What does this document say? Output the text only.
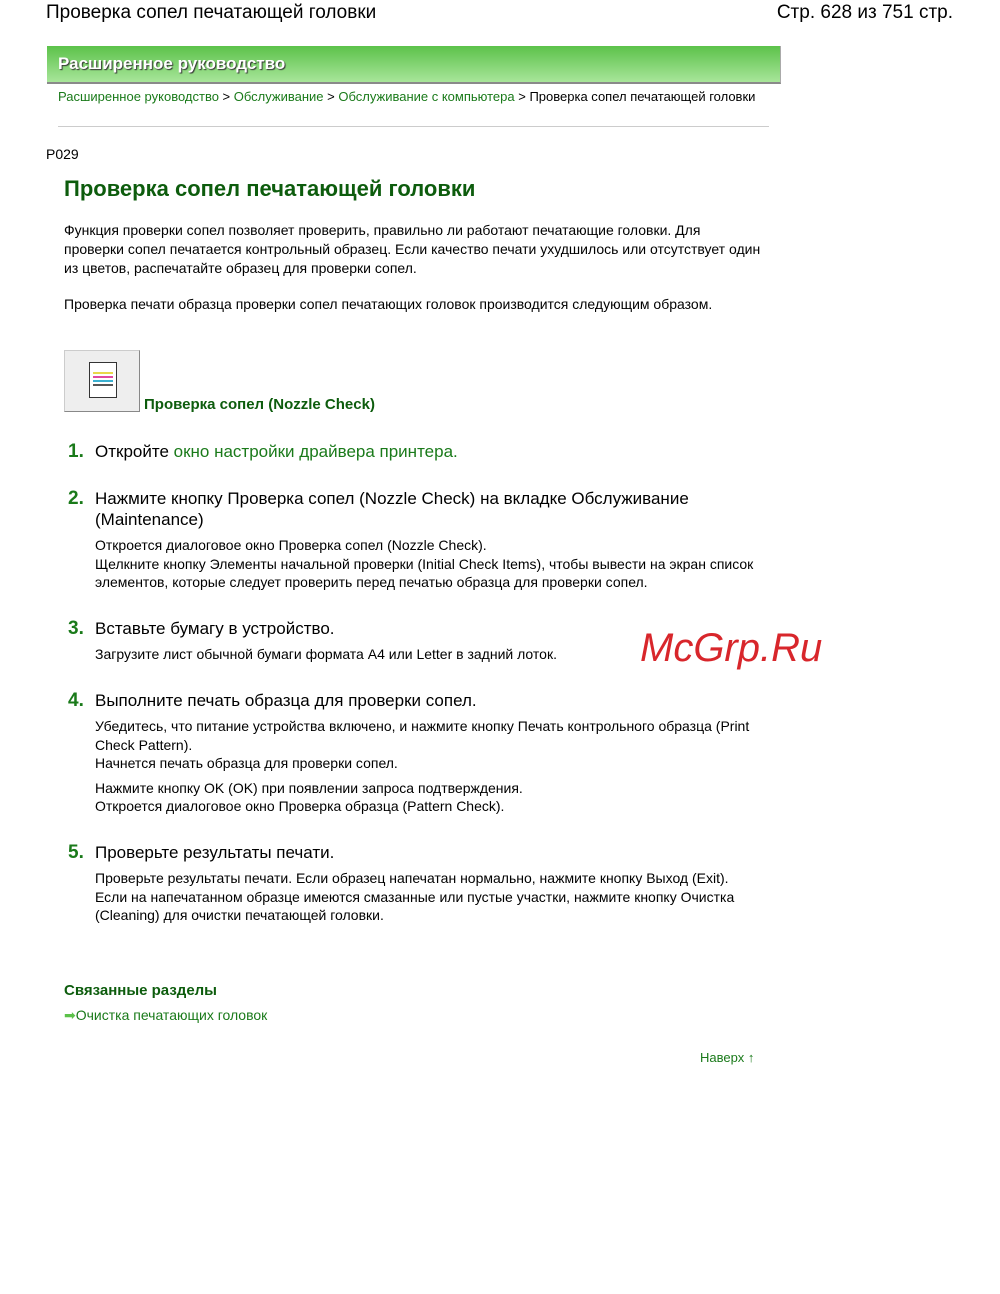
Проверка сопел печатающей головки	Стр. 628 из 751 стр.
Расширенное руководство
Расширенное руководство > Обслуживание > Обслуживание с компьютера > Проверка сопел печатающей головки
P029
Проверка сопел печатающей головки

Функция проверки сопел позволяет проверить, правильно ли работают печатающие головки. Для проверки сопел печатается контрольный образец. Если качество печати ухудшилось или отсутствует один из цветов, распечатайте образец для проверки сопел.

Проверка печати образца проверки сопел печатающих головок производится следующим образом.

Проверка сопел (Nozzle Check)
1. Откройте окно настройки драйвера принтера.
2. Нажмите кнопку Проверка сопел (Nozzle Check) на вкладке Обслуживание (Maintenance)

Откроется диалоговое окно Проверка сопел (Nozzle Check).
Щелкните кнопку Элементы начальной проверки (Initial Check Items), чтобы вывести на экран список элементов, которые следует проверить перед печатью образца для проверки сопел.

3. Вставьте бумагу в устройство.

Загрузите лист обычной бумаги формата A4 или Letter в задний лоток.

4. Выполните печать образца для проверки сопел.

Убедитесь, что питание устройства включено, и нажмите кнопку Печать контрольного образца (Print Check Pattern).
Начнется печать образца для проверки сопел.

Нажмите кнопку OK (OK) при появлении запроса подтверждения.
Откроется диалоговое окно Проверка образца (Pattern Check).

5. Проверьте результаты печати.

Проверьте результаты печати. Если образец напечатан нормально, нажмите кнопку Выход (Exit).
Если на напечатанном образце имеются смазанные или пустые участки, нажмите кнопку Очистка (Cleaning) для очистки печатающей головки.

Связанные разделы
➡Очистка печатающих головок
Наверх ↑
McGrp.Ru
